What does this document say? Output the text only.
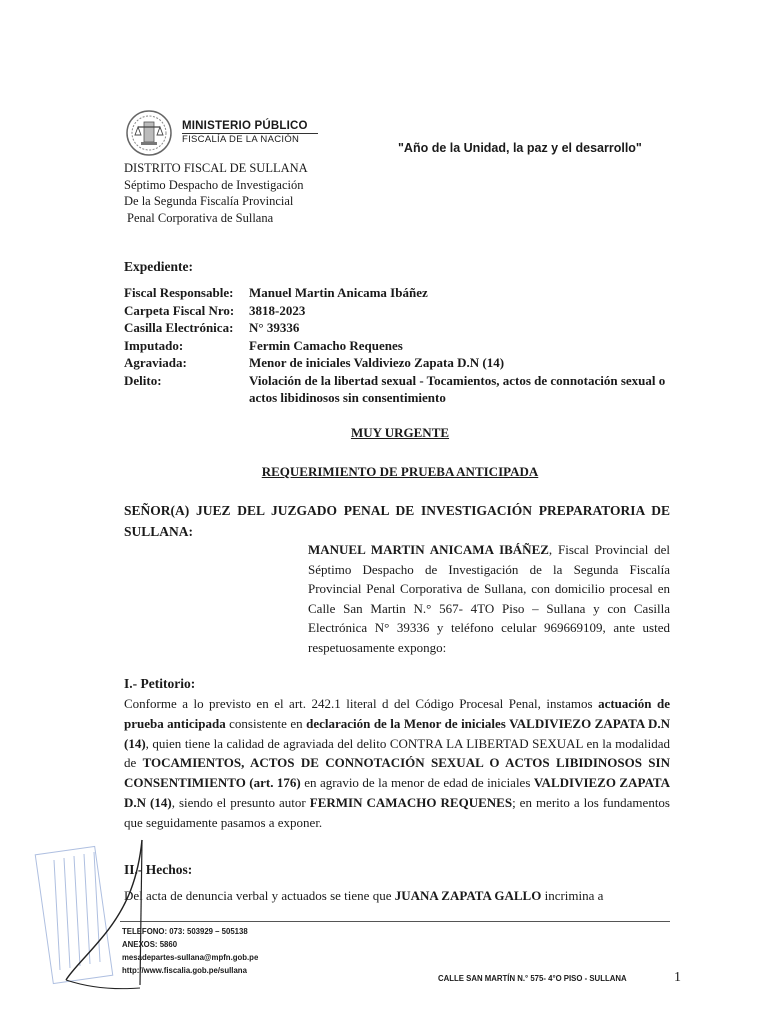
MINISTERIO PÚBLICO
FISCALÍA DE LA NACIÓN
"Año de la Unidad, la paz y el desarrollo"
DISTRITO FISCAL DE SULLANA
Séptimo Despacho de Investigación
De la Segunda Fiscalía Provincial
Penal Corporativa de Sullana
Expediente:
Fiscal Responsable:	Manuel Martin Anicama Ibáñez
Carpeta Fiscal Nro:	3818-2023
Casilla Electrónica:	N° 39336
Imputado:	Fermin Camacho Requenes
Agraviada:	Menor de iniciales Valdiviezo Zapata D.N (14)
Delito:	Violación de la libertad sexual - Tocamientos, actos de connotación sexual o actos libidinosos sin consentimiento
MUY URGENTE
REQUERIMIENTO DE PRUEBA ANTICIPADA
SEÑOR(A) JUEZ DEL JUZGADO PENAL DE INVESTIGACIÓN PREPARATORIA DE SULLANA:
MANUEL MARTIN ANICAMA IBÁÑEZ, Fiscal Provincial del Séptimo Despacho de Investigación de la Segunda Fiscalía Provincial Penal Corporativa de Sullana, con domicilio procesal en Calle San Martin N.° 567- 4TO Piso – Sullana y con Casilla Electrónica N° 39336 y teléfono celular 969669109, ante usted respetuosamente expongo:
I.- Petitorio:
Conforme a lo previsto en el art. 242.1 literal d del Código Procesal Penal, instamos actuación de prueba anticipada consistente en declaración de la Menor de iniciales VALDIVIEZO ZAPATA D.N (14), quien tiene la calidad de agraviada del delito CONTRA LA LIBERTAD SEXUAL en la modalidad de TOCAMIENTOS, ACTOS DE CONNOTACIÓN SEXUAL O ACTOS LIBIDINOSOS SIN CONSENTIMIENTO (art. 176) en agravio de la menor de edad de iniciales VALDIVIEZO ZAPATA D.N (14), siendo el presunto autor FERMIN CAMACHO REQUENES; en merito a los fundamentos que seguidamente pasamos a exponer.
II.- Hechos:
Del acta de denuncia verbal y actuados se tiene que JUANA ZAPATA GALLO incrimina a
TELEFONO: 073: 503929 – 505138
ANEXOS: 5860
mesadepartes-sullana@mpfn.gob.pe
http://www.fiscalia.gob.pe/sullana
CALLE SAN MARTÍN N.° 575- 4°O PISO - SULLANA	1
